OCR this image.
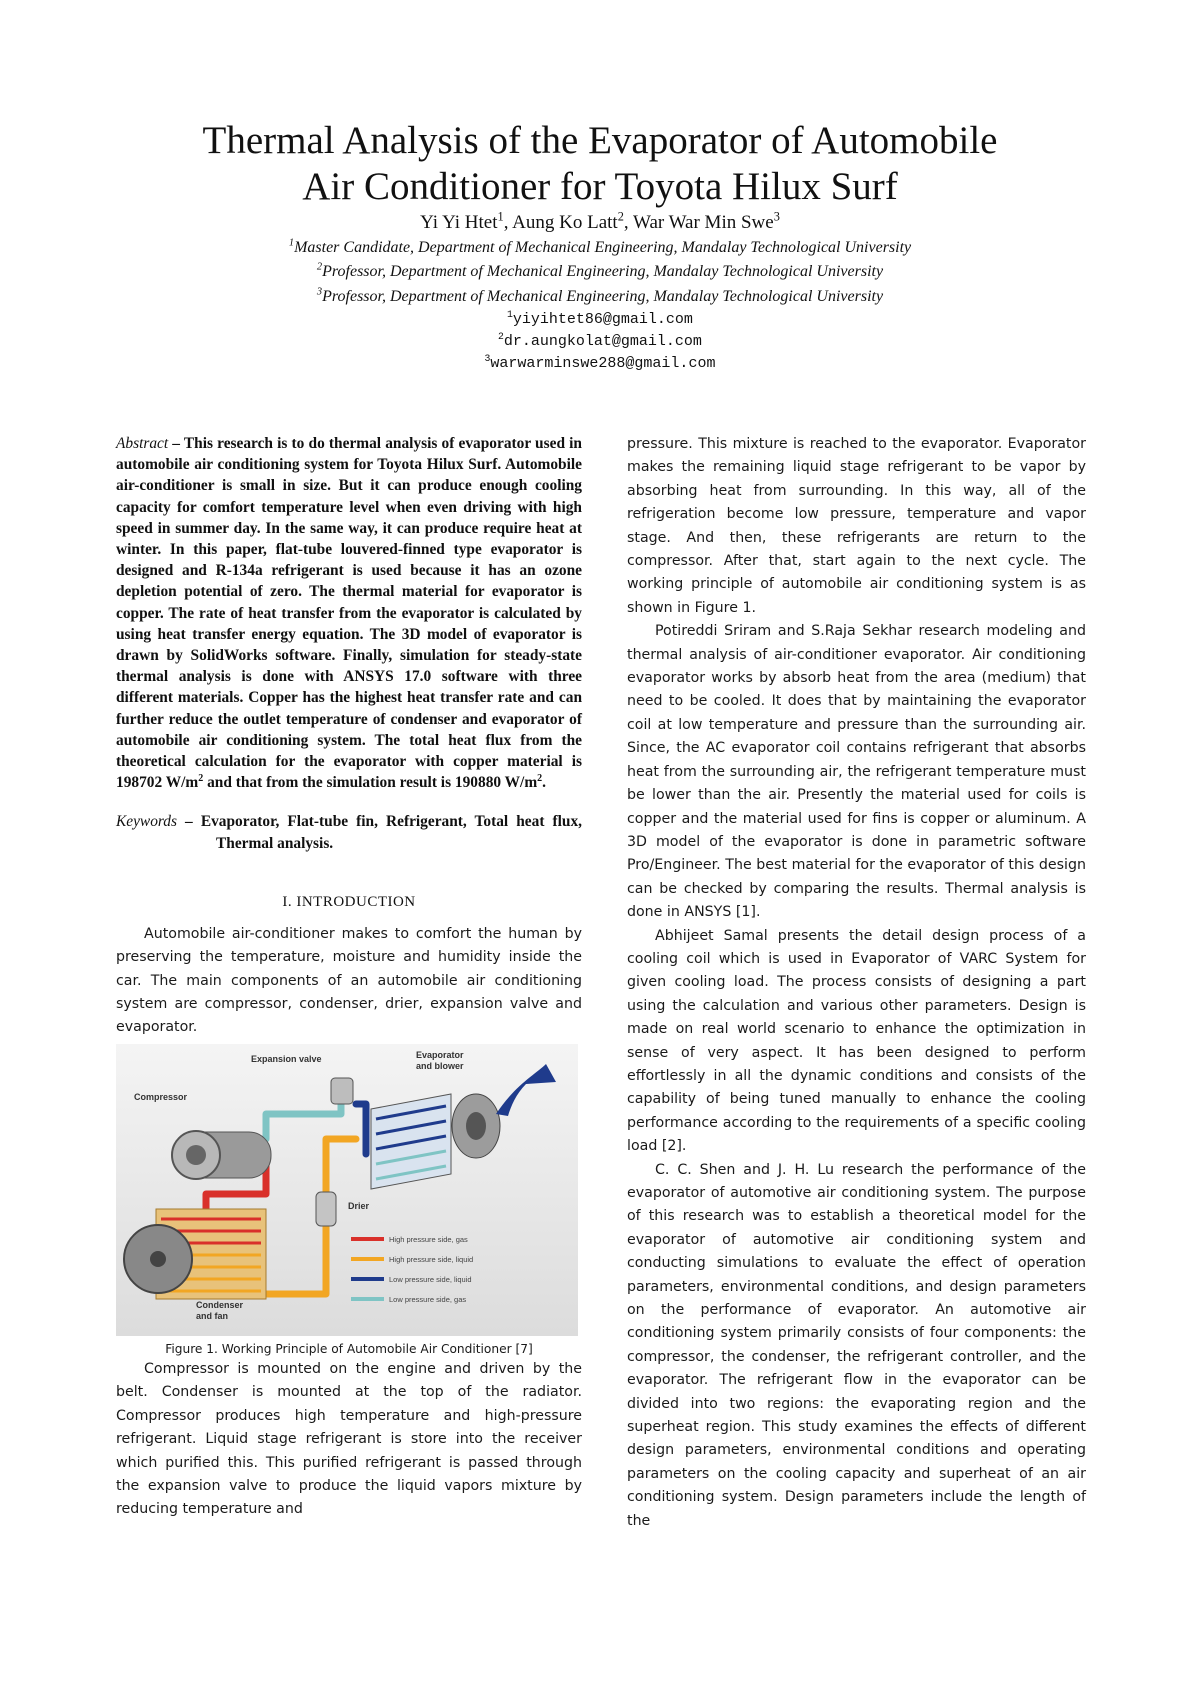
Thermal Analysis of the Evaporator of Automobile
Air Conditioner for Toyota Hilux Surf
Yi Yi Htet$^1$, Aung Ko Latt$^2$, War War Min Swe$^3$
$^1$Master Candidate, Department of Mechanical Engineering, Mandalay Technological University
$^2$Professor, Department of Mechanical Engineering, Mandalay Technological University
$^3$Professor, Department of Mechanical Engineering, Mandalay Technological University
$^1$yiyihtet86@gmail.com
$^2$dr.aungkolat@gmail.com
$^3$warwarminswe288@gmail.com

Abstract – This research is to do thermal analysis of evaporator used in automobile air conditioning system for Toyota Hilux Surf. Automobile air-conditioner is small in size. But it can produce enough cooling capacity for comfort temperature level when even driving with high speed in summer day. In the same way, it can produce require heat at winter. In this paper, flat-tube louvered-finned type evaporator is designed and R-134a refrigerant is used because it has an ozone depletion potential of zero. The thermal material for evaporator is copper. The rate of heat transfer from the evaporator is calculated by using heat transfer energy equation. The 3D model of evaporator is drawn by SolidWorks software. Finally, simulation for steady-state thermal analysis is done with ANSYS 17.0 software with three different materials. Copper has the highest heat transfer rate and can further reduce the outlet temperature of condenser and evaporator of automobile air conditioning system. The total heat flux from the theoretical calculation for the evaporator with copper material is 198702 $W/m^2$ and that from the simulation result is 190880 $W/m^2$.

Keywords – Evaporator, Flat-tube fin, Refrigerant, Total heat flux, Thermal analysis.

I. INTRODUCTION

Automobile air-conditioner makes to comfort the human by preserving the temperature, moisture and humidity inside the car. The main components of an automobile air conditioning system are compressor, condenser, drier, expansion valve and evaporator.

Expansion valve	Evaporator
and blower
Compressor
Drier
Condenser
and fan
High pressure side, gas
High pressure side, liquid
Low pressure side, liquid
Low pressure side, gas
Figure 1. Working Principle of Automobile Air Conditioner [7]

Compressor is mounted on the engine and driven by the belt. Condenser is mounted at the top of the radiator. Compressor produces high temperature and high-pressure refrigerant. Liquid stage refrigerant is store into the receiver which purified this. This purified refrigerant is passed through the expansion valve to produce the liquid vapors mixture by reducing temperature and

pressure. This mixture is reached to the evaporator. Evaporator makes the remaining liquid stage refrigerant to be vapor by absorbing heat from surrounding. In this way, all of the refrigeration become low pressure, temperature and vapor stage. And then, these refrigerants are return to the compressor. After that, start again to the next cycle. The working principle of automobile air conditioning system is as shown in Figure 1.

Potireddi Sriram and S.Raja Sekhar research modeling and thermal analysis of air-conditioner evaporator. Air conditioning evaporator works by absorb heat from the area (medium) that need to be cooled. It does that by maintaining the evaporator coil at low temperature and pressure than the surrounding air. Since, the AC evaporator coil contains refrigerant that absorbs heat from the surrounding air, the refrigerant temperature must be lower than the air. Presently the material used for coils is copper and the material used for fins is copper or aluminum. A 3D model of the evaporator is done in parametric software Pro/Engineer. The best material for the evaporator of this design can be checked by comparing the results. Thermal analysis is done in ANSYS [1].

Abhijeet Samal presents the detail design process of a cooling coil which is used in Evaporator of VARC System for given cooling load. The process consists of designing a part using the calculation and various other parameters. Design is made on real world scenario to enhance the optimization in sense of very aspect. It has been designed to perform effortlessly in all the dynamic conditions and consists of the capability of being tuned manually to enhance the cooling performance according to the requirements of a specific cooling load [2].

C. C. Shen and J. H. Lu research the performance of the evaporator of automotive air conditioning system. The purpose of this research was to establish a theoretical model for the evaporator of automotive air conditioning system and conducting simulations to evaluate the effect of operation parameters, environmental conditions, and design parameters on the performance of evaporator. An automotive air conditioning system primarily consists of four components: the compressor, the condenser, the refrigerant controller, and the evaporator. The refrigerant flow in the evaporator can be divided into two regions: the evaporating region and the superheat region. This study examines the effects of different design parameters, environmental conditions and operating parameters on the cooling capacity and superheat of an air conditioning system. Design parameters include the length of the
